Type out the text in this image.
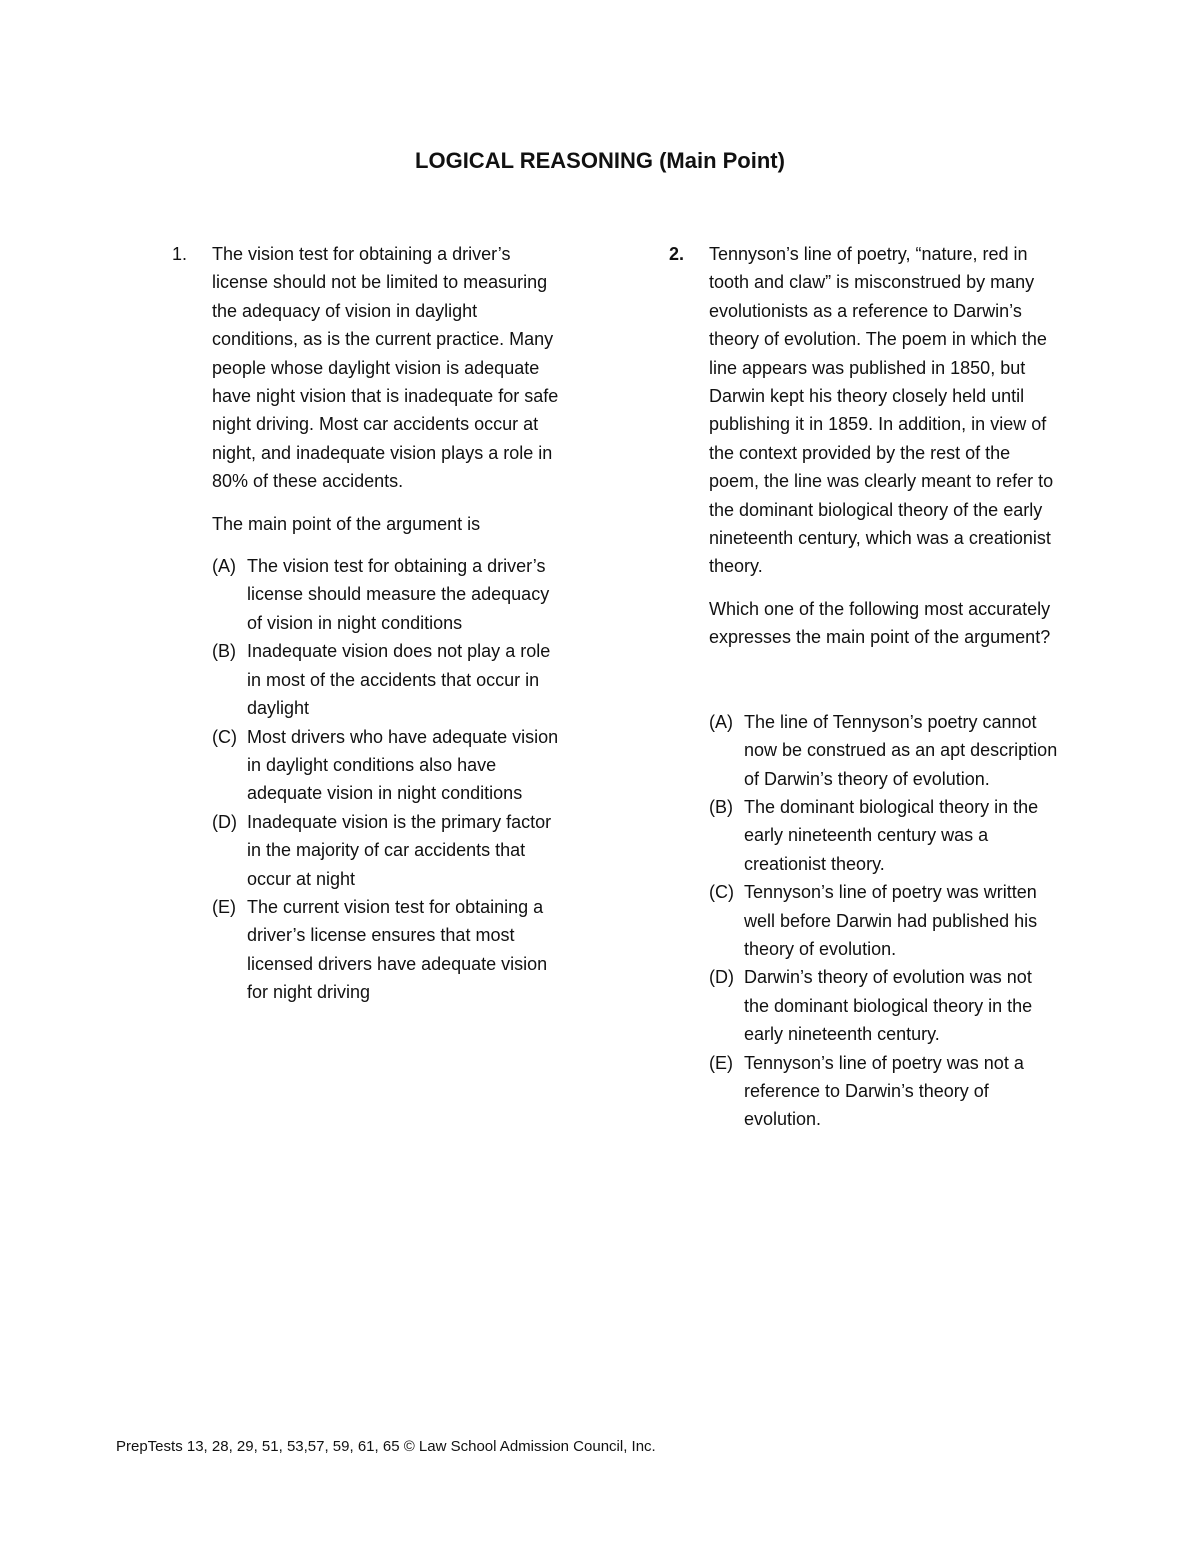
LOGICAL REASONING (Main Point)
1. The vision test for obtaining a driver’s license should not be limited to measuring the adequacy of vision in daylight conditions, as is the current practice. Many people whose daylight vision is adequate have night vision that is inadequate for safe night driving. Most car accidents occur at night, and inadequate vision plays a role in 80% of these accidents.

The main point of the argument is

(A) The vision test for obtaining a driver’s license should measure the adequacy of vision in night conditions
(B) Inadequate vision does not play a role in most of the accidents that occur in daylight
(C) Most drivers who have adequate vision in daylight conditions also have adequate vision in night conditions
(D) Inadequate vision is the primary factor in the majority of car accidents that occur at night
(E) The current vision test for obtaining a driver’s license ensures that most licensed drivers have adequate vision for night driving
2. Tennyson’s line of poetry, “nature, red in tooth and claw” is misconstrued by many evolutionists as a reference to Darwin’s theory of evolution. The poem in which the line appears was published in 1850, but Darwin kept his theory closely held until publishing it in 1859. In addition, in view of the context provided by the rest of the poem, the line was clearly meant to refer to the dominant biological theory of the early nineteenth century, which was a creationist theory.

Which one of the following most accurately expresses the main point of the argument?

(A) The line of Tennyson’s poetry cannot now be construed as an apt description of Darwin’s theory of evolution.
(B) The dominant biological theory in the early nineteenth century was a creationist theory.
(C) Tennyson’s line of poetry was written well before Darwin had published his theory of evolution.
(D) Darwin’s theory of evolution was not the dominant biological theory in the early nineteenth century.
(E) Tennyson’s line of poetry was not a reference to Darwin’s theory of evolution.
PrepTests 13, 28, 29, 51, 53,57, 59, 61, 65 © Law School Admission Council, Inc.
